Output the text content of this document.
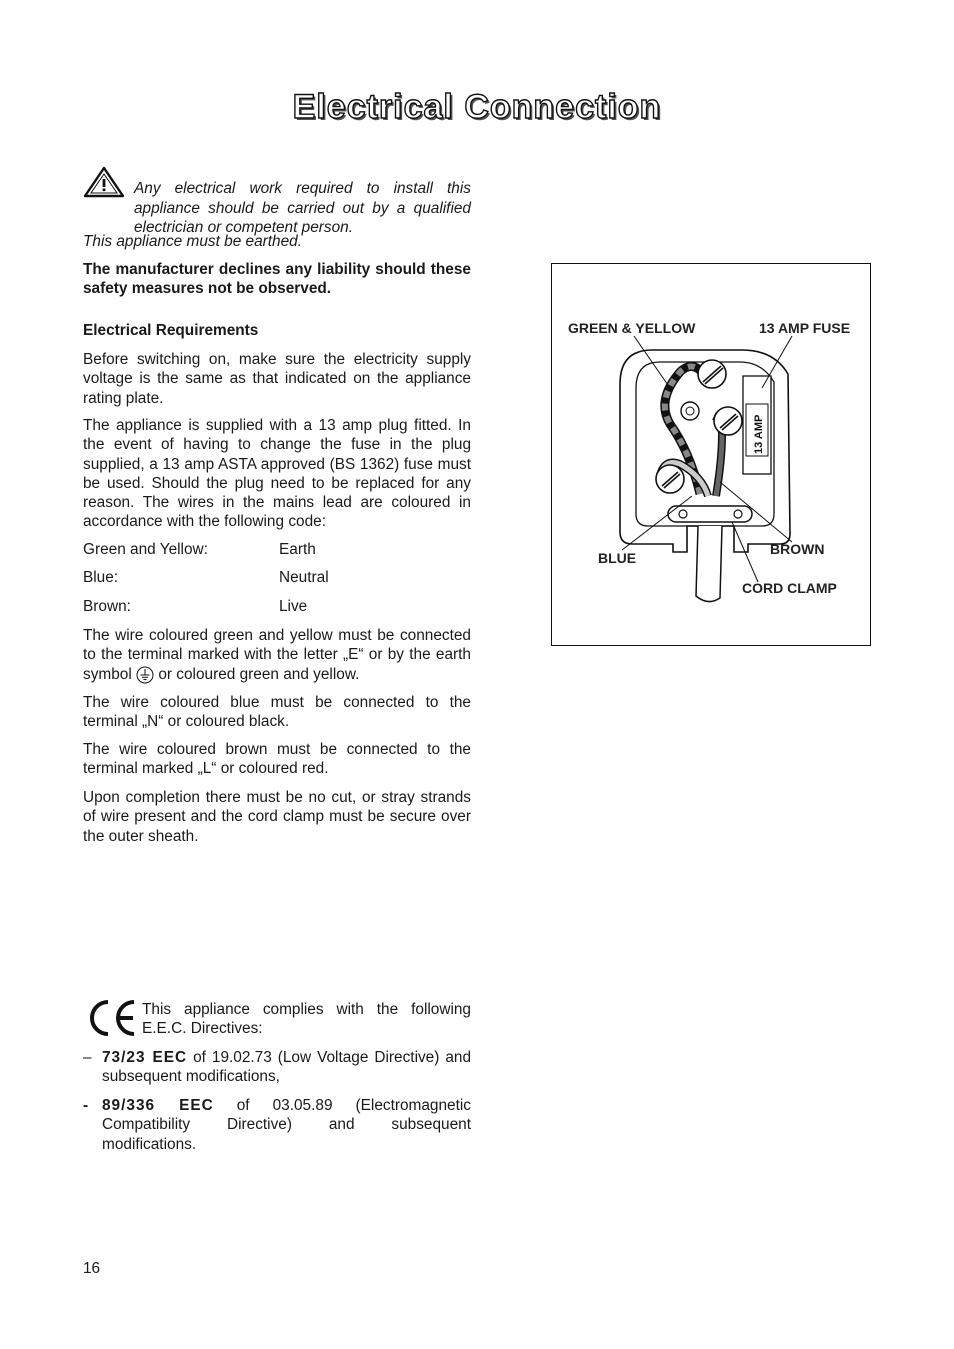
Electrical Connection

Any electrical work required to install this appliance should be carried out by a qualified electrician or competent person.

This appliance must be earthed.

The manufacturer declines any liability should these safety measures not be observed.

Electrical Requirements

Before switching on, make sure the electricity supply voltage is the same as that indicated on the appliance rating plate.

The appliance is supplied with a 13 amp plug fitted. In the event of having to change the fuse in the plug supplied, a 13 amp ASTA approved (BS 1362) fuse must be used. Should the plug need to be replaced for any reason. The wires in the mains lead are coloured in accordance with the following code:

Green and Yellow:	Earth
Blue:	Neutral
Brown:	Live

The wire coloured green and yellow must be connected to the terminal marked with the letter „E“ or by the earth symbol or coloured green and yellow.

The wire coloured blue must be connected to the terminal „N“ or coloured black.

The wire coloured brown must be connected to the terminal marked „L“ or coloured red.

Upon completion there must be no cut, or stray strands of wire present and the cord clamp must be secure over the outer sheath.

13 AMP
GREEN & YELLOW	13 AMP FUSE
BLUE
BROWN
CORD CLAMP
This appliance complies with the following E.E.C. Directives:
– 73/23 EEC of 19.02.73 (Low Voltage Directive) and subsequent modifications,

- 89/336 EEC of 03.05.89 (Electromagnetic Compatibility Directive) and subsequent modifications.

16
